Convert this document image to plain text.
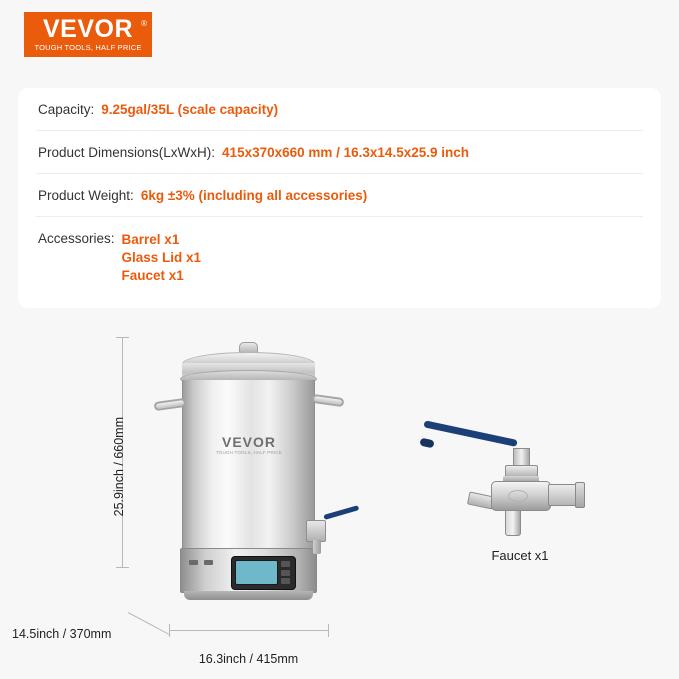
VEVOR
TOUGH TOOLS, HALF PRICE
®
Capacity: 9.25gal/35L (scale capacity)
Product Dimensions(LxWxH): 415x370x660 mm / 16.3x14.5x25.9 inch
Product Weight: 6kg ±3% (including all accessories)
Accessories: Barrel x1
Glass Lid x1
Faucet x1
25.9inch / 660mm	VEVOR
TOUGH TOOLS, HALF PRICE
16.3inch / 415mm
14.5inch / 370mm
Faucet x1
